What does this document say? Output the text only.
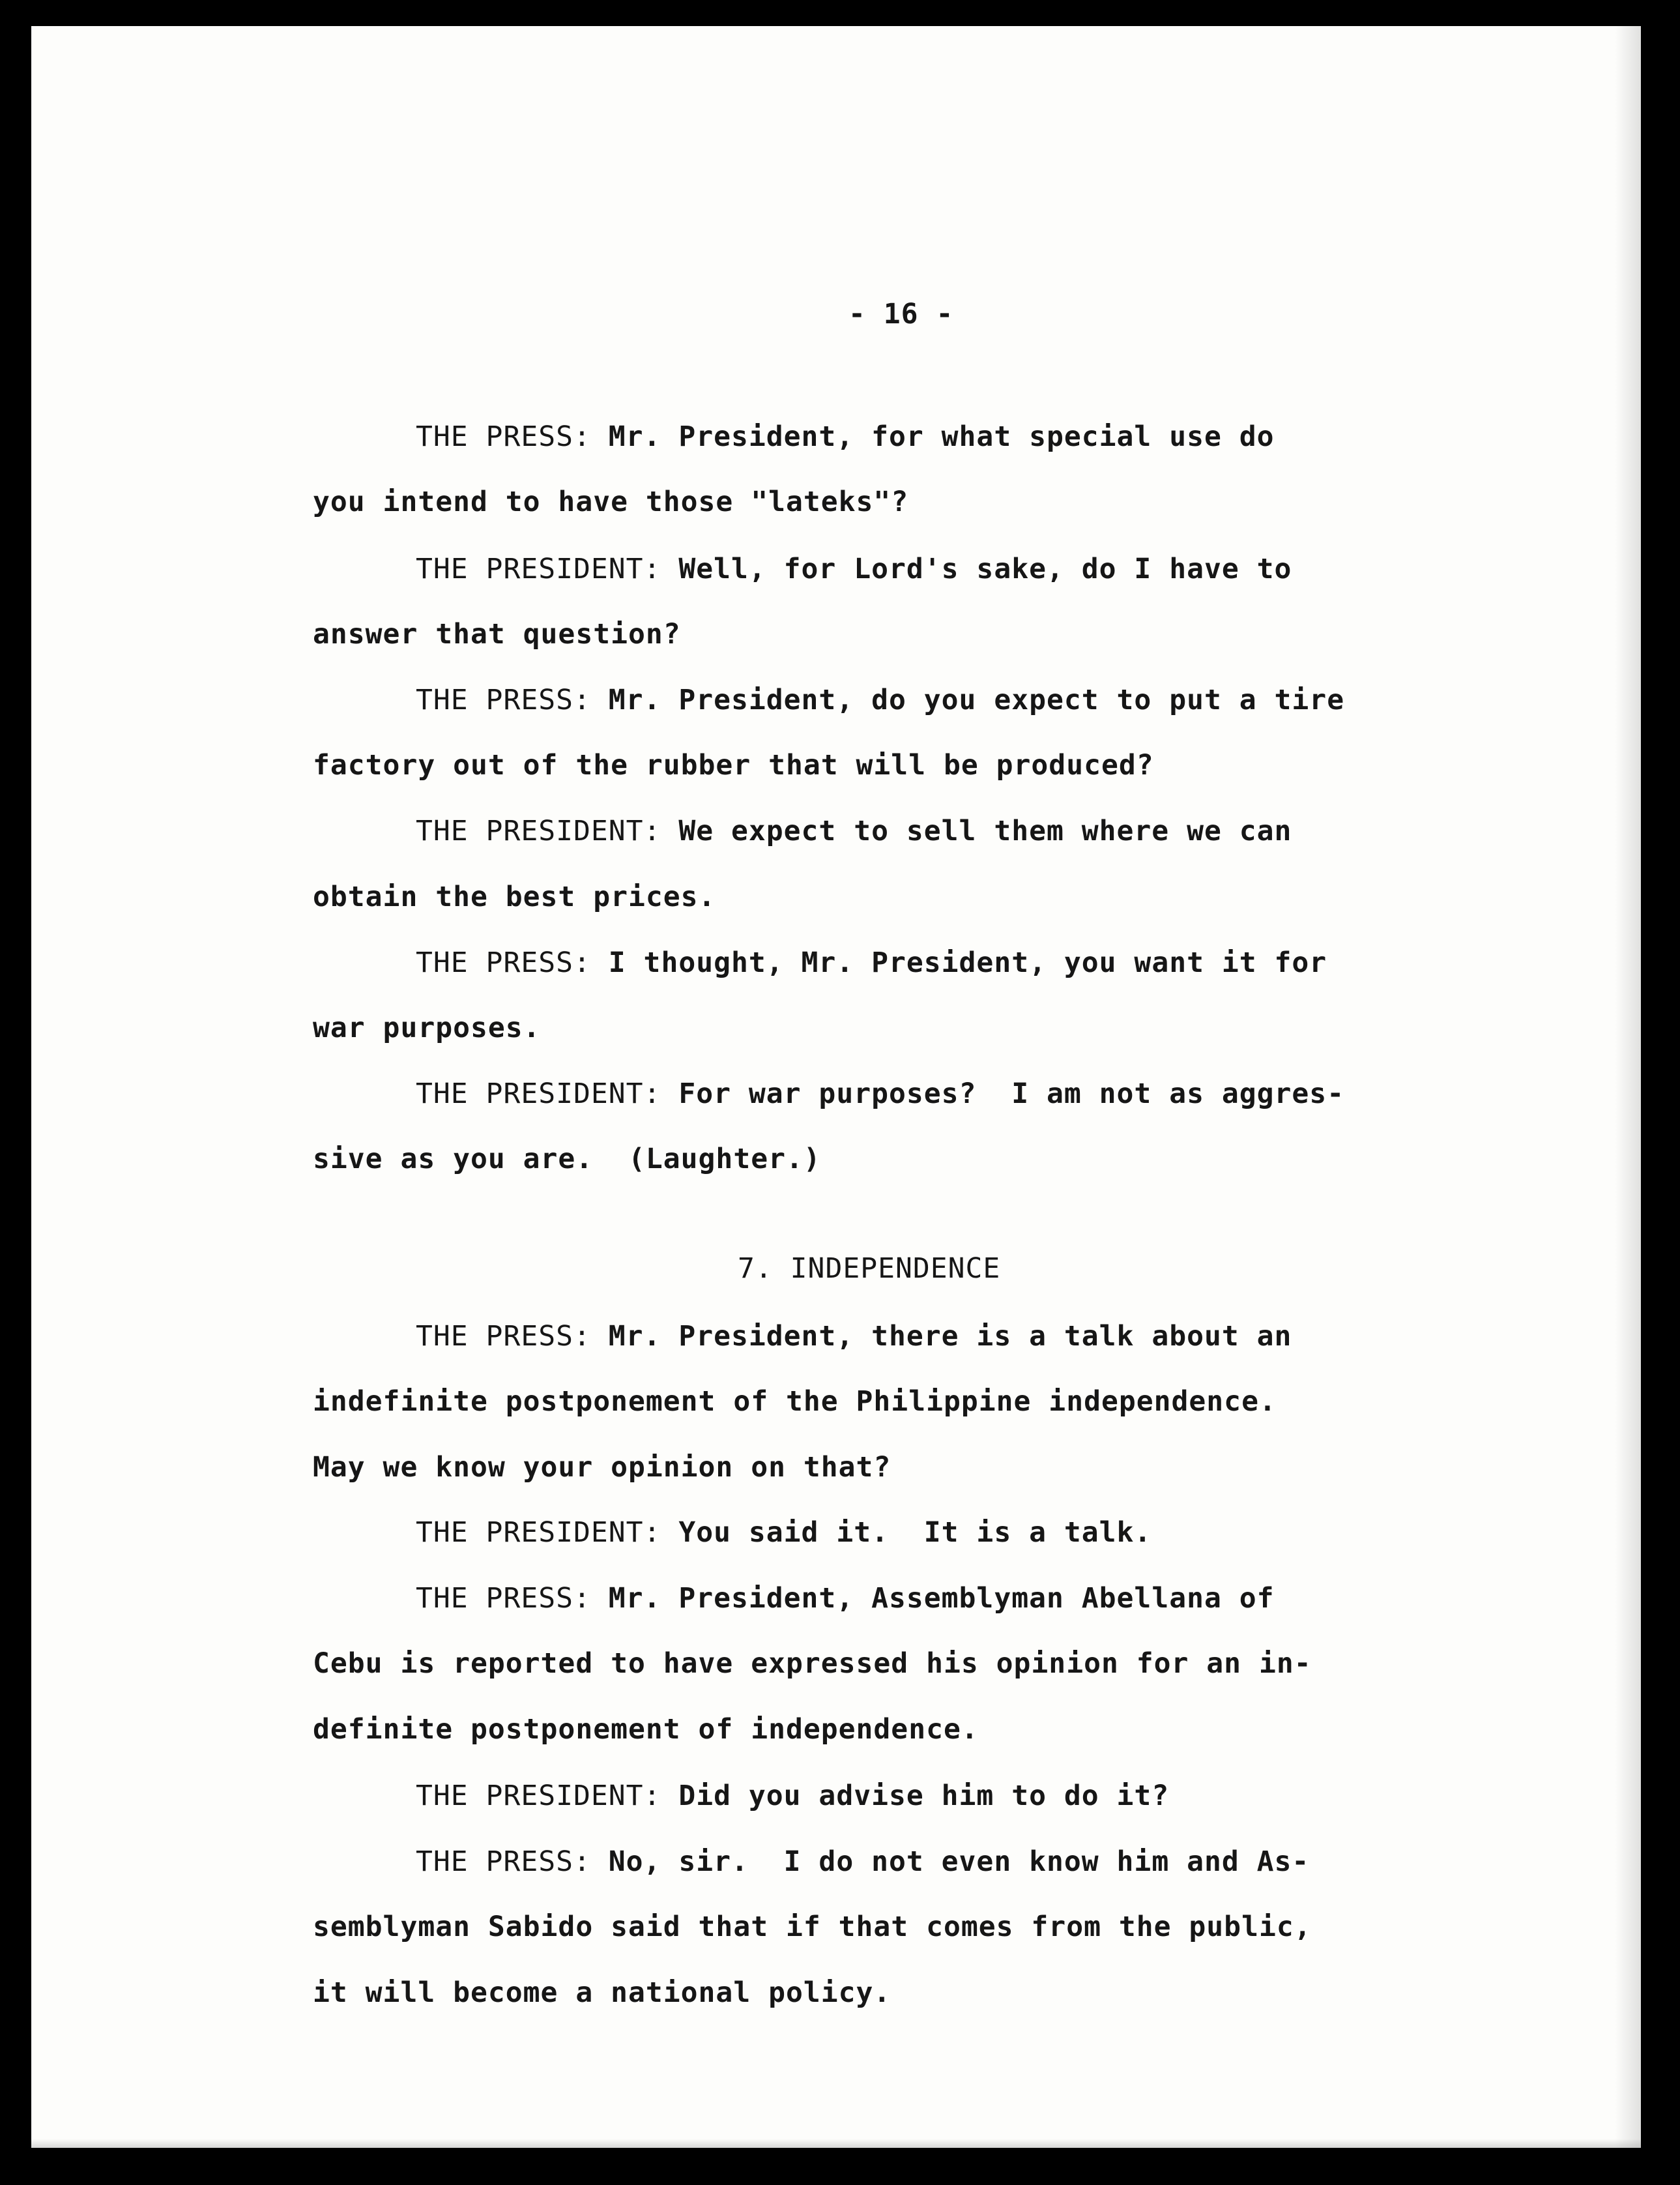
- 16 -
THE PRESS: Mr. President, for what special use do
you intend to have those "lateks"?
THE PRESIDENT: Well, for Lord's sake, do I have to
answer that question?
THE PRESS: Mr. President, do you expect to put a tire
factory out of the rubber that will be produced?
THE PRESIDENT: We expect to sell them where we can
obtain the best prices.
THE PRESS: I thought, Mr. President, you want it for
war purposes.
THE PRESIDENT: For war purposes?  I am not as aggres-
sive as you are.  (Laughter.)
7. INDEPENDENCE
THE PRESS: Mr. President, there is a talk about an
indefinite postponement of the Philippine independence.
May we know your opinion on that?
THE PRESIDENT: You said it.  It is a talk.
THE PRESS: Mr. President, Assemblyman Abellana of
Cebu is reported to have expressed his opinion for an in-
definite postponement of independence.
THE PRESIDENT: Did you advise him to do it?
THE PRESS: No, sir.  I do not even know him and As-
semblyman Sabido said that if that comes from the public,
it will become a national policy.
